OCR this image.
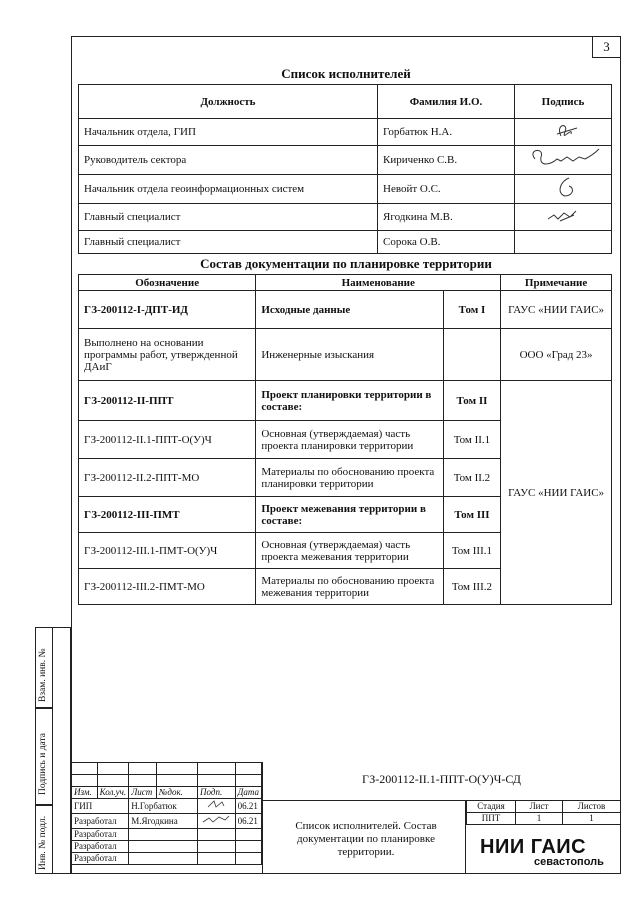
3
Список исполнителей
Должность	Фамилия И.О.	Подпись
Начальник отдела, ГИП	Горбатюк Н.А.	
Руководитель сектора	Кириченко С.В.	
Начальник отдела геоинформационных систем	Невойт О.С.	
Главный специалист	Ягодкина М.В.	
Главный специалист	Сорока О.В.	
Состав документации по планировке территории
Обозначение	Наименование		Примечание
ГЗ-200112-I-ДПТ-ИД	Исходные данные	Том I	ГАУС «НИИ ГАИС»
Выполнено на основании программы работ, утвержденной ДАиГ	Инженерные изыскания		ООО «Град 23»
ГЗ-200112-II-ППТ	Проект планировки территории в составе:	Том II	ГАУС «НИИ ГАИС»
ГЗ-200112-II.1-ППТ-О(У)Ч	Основная (утверждаемая) часть проекта планировки территории	Том II.1	
ГЗ-200112-II.2-ППТ-МО	Материалы по обоснованию проекта планировки территории	Том II.2	
ГЗ-200112-III-ПМТ	Проект межевания территории в составе:	Том III	
ГЗ-200112-III.1-ПМТ-О(У)Ч	Основная (утверждаемая) часть проекта межевания территории	Том III.1	
ГЗ-200112-III.2-ПМТ-МО	Материалы по обоснованию проекта межевания территории	Том III.2	
Взам. инв. №
Подпись и дата
Инв. № подл.

Изм.	Кол.уч.	Лист	№док.	Подп.	Дата
ГИП		Н.Горбатюк			06.21
Разработал		М.Ягодкина			06.21
Разработал					
Разработал					
Разработал					
ГЗ-200112-II.1-ППТ-О(У)Ч-СД
Список исполнителей. Состав документации по планировке территории.
Стадия	Лист	Листов
ППТ	1	1
НИИ ГАИС
севастополь
